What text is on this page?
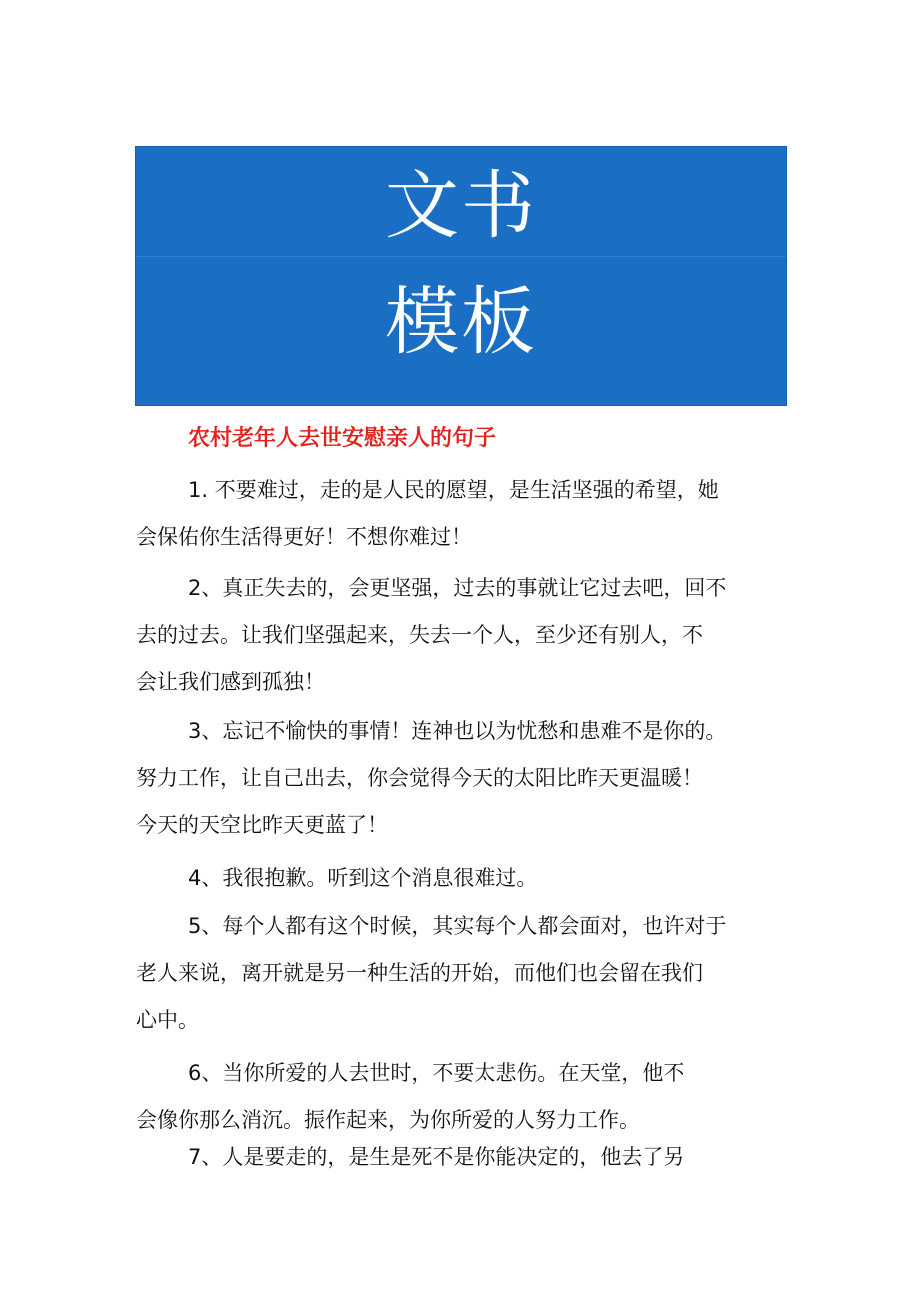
文书
模板
农村老年人去世安慰亲人的句子
1. 不要难过，走的是人民的愿望，是生活坚强的希望，她
会保佑你生活得更好！不想你难过！
2、真正失去的，会更坚强，过去的事就让它过去吧，回不
去的过去。让我们坚强起来，失去一个人，至少还有别人，不
会让我们感到孤独！
3、忘记不愉快的事情！连神也以为忧愁和患难不是你的。
努力工作，让自己出去，你会觉得今天的太阳比昨天更温暖！
今天的天空比昨天更蓝了！
4、我很抱歉。听到这个消息很难过。
5、每个人都有这个时候，其实每个人都会面对，也许对于
老人来说，离开就是另一种生活的开始，而他们也会留在我们
心中。
6、当你所爱的人去世时，不要太悲伤。在天堂，他不
会像你那么消沉。振作起来，为你所爱的人努力工作。
7、人是要走的，是生是死不是你能决定的，他去了另
